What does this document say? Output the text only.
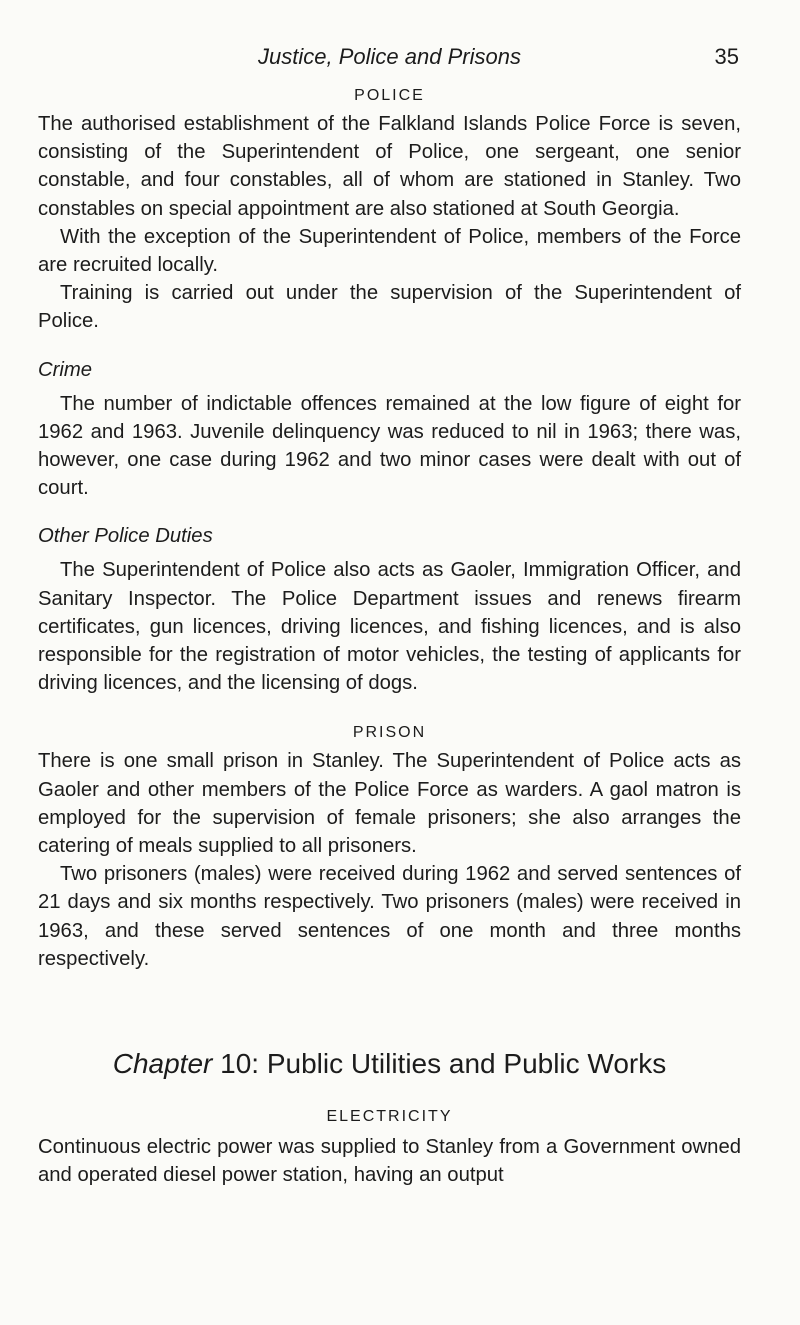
Justice, Police and Prisons	35
POLICE

The authorised establishment of the Falkland Islands Police Force is seven, consisting of the Superintendent of Police, one sergeant, one senior constable, and four constables, all of whom are stationed in Stanley. Two constables on special appointment are also stationed at South Georgia.

With the exception of the Superintendent of Police, members of the Force are recruited locally.

Training is carried out under the supervision of the Superintendent of Police.

Crime

The number of indictable offences remained at the low figure of eight for 1962 and 1963. Juvenile delinquency was reduced to nil in 1963; there was, however, one case during 1962 and two minor cases were dealt with out of court.

Other Police Duties

The Superintendent of Police also acts as Gaoler, Immigration Officer, and Sanitary Inspector. The Police Department issues and renews firearm certificates, gun licences, driving licences, and fishing licences, and is also responsible for the registration of motor vehicles, the testing of applicants for driving licences, and the licensing of dogs.

PRISON

There is one small prison in Stanley. The Superintendent of Police acts as Gaoler and other members of the Police Force as warders. A gaol matron is employed for the supervision of female prisoners; she also arranges the catering of meals supplied to all prisoners.

Two prisoners (males) were received during 1962 and served sentences of 21 days and six months respectively. Two prisoners (males) were received in 1963, and these served sentences of one month and three months respectively.

Chapter 10: Public Utilities and Public Works
ELECTRICITY

Continuous electric power was supplied to Stanley from a Government owned and operated diesel power station, having an output
